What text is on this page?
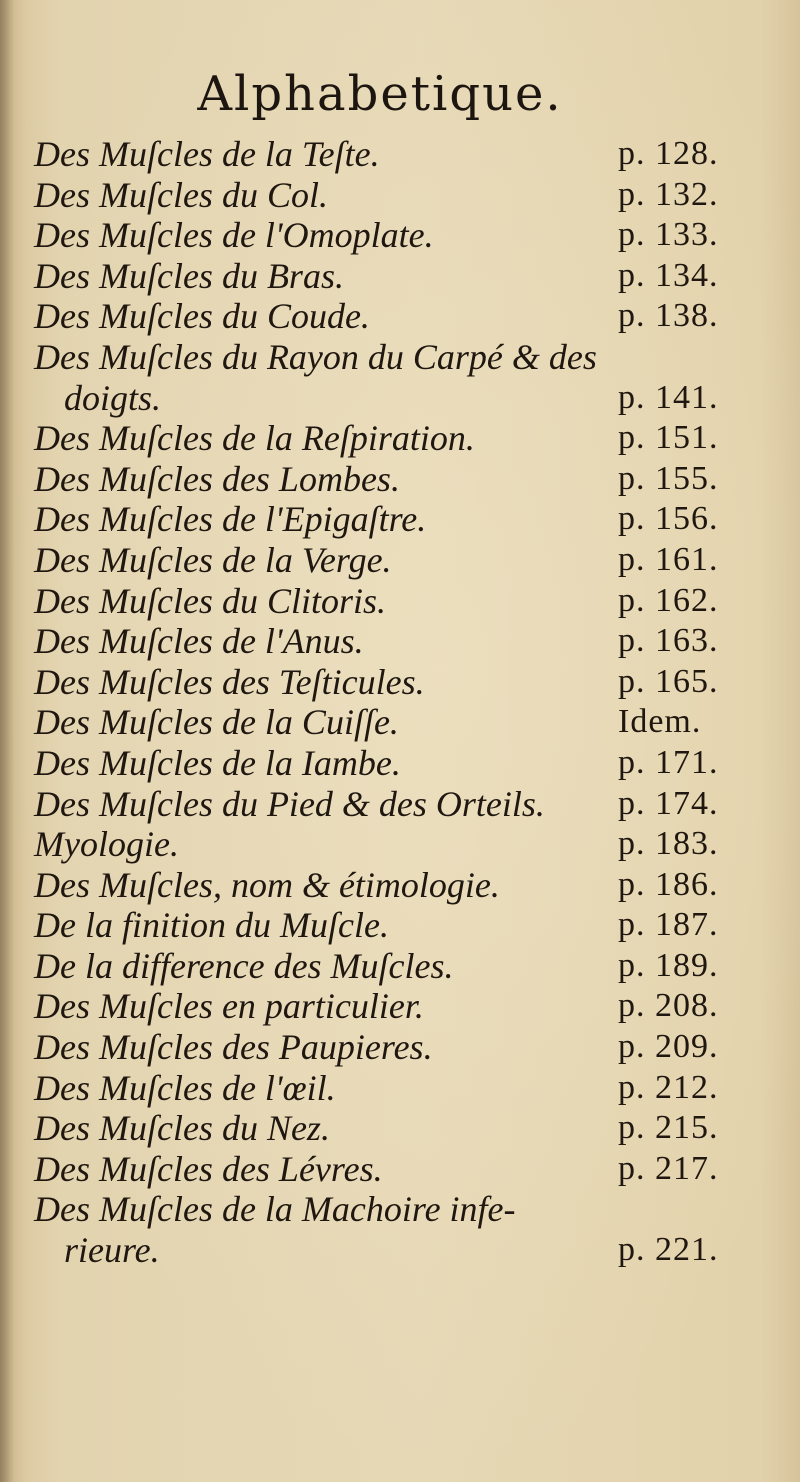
Alphabetique.
Des Muſcles de la Teſte.	p. 128.
Des Muſcles du Col.	p. 132.
Des Muſcles de l'Omoplate.	p. 133.
Des Muſcles du Bras.	p. 134.
Des Muſcles du Coude.	p. 138.
Des Muſcles du Rayon du Carpé & des
doigts.	p. 141.
Des Muſcles de la Reſpiration.	p. 151.
Des Muſcles des Lombes.	p. 155.
Des Muſcles de l'Epigaſtre.	p. 156.
Des Muſcles de la Verge.	p. 161.
Des Muſcles du Clitoris.	p. 162.
Des Muſcles de l'Anus.	p. 163.
Des Muſcles des Teſticules.	p. 165.
Des Muſcles de la Cuiſſe.	Idem.
Des Muſcles de la Iambe.	p. 171.
Des Muſcles du Pied & des Orteils. p. 174.
Myologie.	p. 183.
Des Muſcles, nom & étimologie.	p. 186.
De la finition du Muſcle.	p. 187.
De la difference des Muſcles.	p. 189.
Des Muſcles en particulier.	p. 208.
Des Muſcles des Paupieres.	p. 209.
Des Muſcles de l'œil.	p. 212.
Des Muſcles du Nez.	p. 215.
Des Muſcles des Lévres.	p. 217.
Des Muſcles de la Machoire infe-
rieure.	p. 221.
